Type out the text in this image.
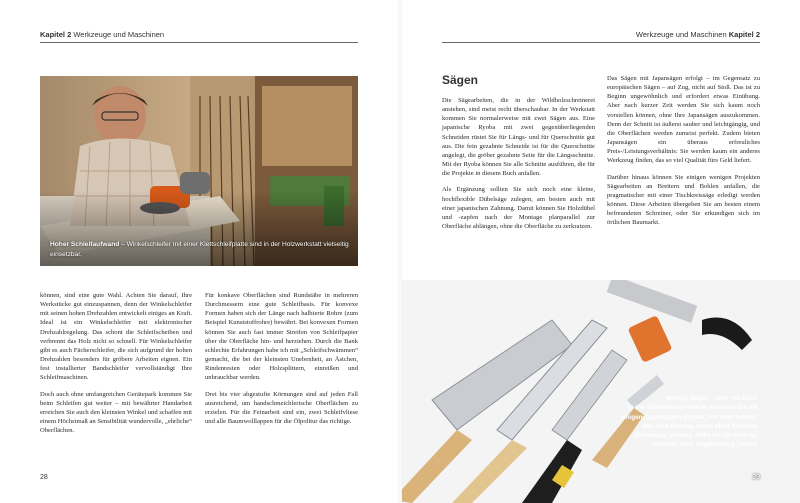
Kapitel 2 Werkzeuge und Maschinen
Hoher Schleifaufwand – Winkelschleifer mit einer Klettschleifplatte sind in der Holzwerkstatt vielseitig einsetzbar.

können, sind eine gute Wahl. Achten Sie darauf, Ihre Werkstücke gut einzuspannen, denn der Winkelschleifer mit seinen hohen Drehzahlen entwickelt einiges an Kraft. Ideal ist ein Winkelschleifer mit elektronischer Drehzahlregelung. Das schont die Schleifscheiben und verbrennt das Holz nicht so schnell. Für Winkelschleifer gibt es auch Fächerschleifer, die sich aufgrund der hohen Drehzahlen besonders für gröbere Arbeiten eignen. Ein fest installierter Bandschleifer vervollständigt Ihre Schleifmaschinen.

Doch auch ohne umfangreichen Gerätepark kommen Sie beim Schleifen gut weiter – mit bewährter Handarbeit erreichen Sie auch den kleinsten Winkel und schaffen mit einem Höchstmaß an Sensibilität wundervolle, „ehrliche“ Oberflächen.

Für konkave Oberflächen sind Rundstäbe in mehreren Durchmessern eine gute Schleifbasis. Für konvexe Formen haben sich der Länge nach halbierte Rohre (zum Beispiel Kunststoffrohre) bewährt. Bei konvexen Formen können Sie auch fast immer Streifen von Schleifpapier über die Oberfläche hin- und herziehen. Durch die Bank schlechte Erfahrungen habe ich mit „Schleifschwämmen“ gemacht, die bei der kleinsten Unebenheit, an Ästchen, Rindenresten oder Holzsplittern, einreißen und unbrauchbar werden.

Drei bis vier abgestufte Körnungen sind auf jeden Fall ausreichend, um handschmeichlerische Oberflächen zu erzielen. Für die Feinarbeit sind ein, zwei Schleifvliese und alle Baumwolllappen für die Ölpolitur das richtige.

28
Werkzeuge und Maschinen Kapitel 2
Sägen

Die Sägearbeiten, die in der Wildholzschreinerei anstehen, sind meist recht überschaubar. In der Werkstatt kommen Sie normalerweise mit zwei Sägen aus. Eine japanische Ryoba mit zwei gegenüberliegenden Schneiden rüstet Sie für Längs- und für Querschnitte gut aus. Die fein gezahnte Schneide ist für die Querschnitte angelegt, die gröber gezahnte Seite für die Längsschnitte. Mit der Ryoba können Sie alle Schnitte ausführen, die für die Projekte in diesem Buch anfallen.

Als Ergänzung sollten Sie sich noch eine kleine, hochflexible Dübelsäge zulegen, am besten auch mit einer japanischen Zahnung. Damit können Sie Holzdübel und -zapfen nach der Montage planparallel zur Oberfläche ablängen, ohne die Oberfläche zu zerkratzen.

Das Sägen mit Japansägen erfolgt – im Gegensatz zu europäischen Sägen – auf Zug, nicht auf Stoß. Das ist zu Beginn ungewöhnlich und erfordert etwas Einübung. Aber nach kurzer Zeit werden Sie sich kaum noch vorstellen können, ohne Ihre Japansägen auszukommen. Denn der Schnitt ist äußerst sauber und leichtgängig, und die Oberflächen werden zumeist perfekt. Zudem bieten Japansägen ein überaus erfreuliches Preis-/Leistungsverhältnis: Sie werden kaum ein anderes Werkzeug finden, das so viel Qualität fürs Geld liefert.

Darüber hinaus können Sie einigen wenigen Projekten Sägearbeiten an Brettern und Bohlen anfallen, die pragmatischer mit einer Tischkreissäge erledigt werden können. Diese Arbeiten übergeben Sie am besten einem befreundeten Schreiner, oder Sie erkundigen sich im örtlichen Baumarkt.

Wenige Sägen – aber mit Biss!
In der Wildholzschreinerei kommen Sie mit
einigen Japansägen (Ryoba, mit zwei Schnei-
den, und Kataba) sowie einer flexiblen
Dübelsäge gut aus. Hilfreich für winklige
Schnitte: eine Sägeführung (oben).
29
